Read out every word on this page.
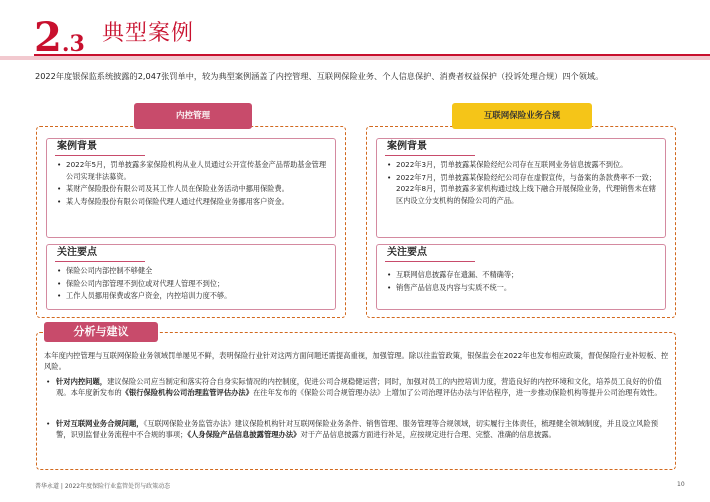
2.3 典型案例
2022年度银保监系统披露的2,047张罚单中，较为典型案例涵盖了内控管理、互联网保险业务、个人信息保护、消费者权益保护（投诉处理合规）四个领域。
内控管理
案例背景
• 2022年5月，罚单披露多家保险机构从业人员通过公开宣传基金产品帮助基金管理公司实现非法募资。
• 某财产保险股份有限公司及其工作人员在保险业务活动中挪用保险费。
• 某人寿保险股份有限公司保险代理人通过代理保险业务挪用客户资金。
关注要点
• 保险公司内部控制不够健全
• 保险公司内部管理不到位或对代理人管理不到位；
• 工作人员挪用保费或客户资金，内控培训力度不够。
互联网保险业务合规
案例背景
• 2022年3月，罚单披露某保险经纪公司存在互联网业务信息披露不到位。
• 2022年7月，罚单披露某保险经纪公司存在虚假宣传，与备案的条款费率不一致；2022年8月，罚单披露多家机构通过线上线下融合开展保险业务，代理销售未在辖区内设立分支机构的保险公司的产品。
关注要点
• 互联网信息披露存在遗漏、不精确等；
• 销售产品信息及内容与实质不统一。
分析与建议
本年度内控管理与互联网保险业务领域罚单屡见不鲜，表明保险行业针对这两方面问题还需提高重视，加强管理。除以往监管政策，银保监会在2022年也发布相应政策，督促保险行业补短板、控风险。
• 针对内控问题，建议保险公司应当制定和落实符合自身实际情况的内控制度，促进公司合规稳健运营；同时，加强对员工的内控培训力度，营造良好的内控环境和文化，培养员工良好的价值观。本年度新发布的《银行保险机构公司治理监管评估办法》在往年发布的《保险公司合规管理办法》上增加了公司治理评估办法与评估程序，进一步推动保险机构等提升公司治理有效性。
• 针对互联网业务合规问题，《互联网保险业务监管办法》建议保险机构针对互联网保险业务条件、销售管理、服务管理等合规领域，切实履行主体责任，梳理健全领域制度，并且设立风险预警，识别监督业务流程中不合规的事项；《人身保险产品信息披露管理办法》对于产品信息披露方面进行补足，应按规定进行合理、完整、准确的信息披露。
普华永道 | 2022年度保险行业监管处罚与政策动态	10
